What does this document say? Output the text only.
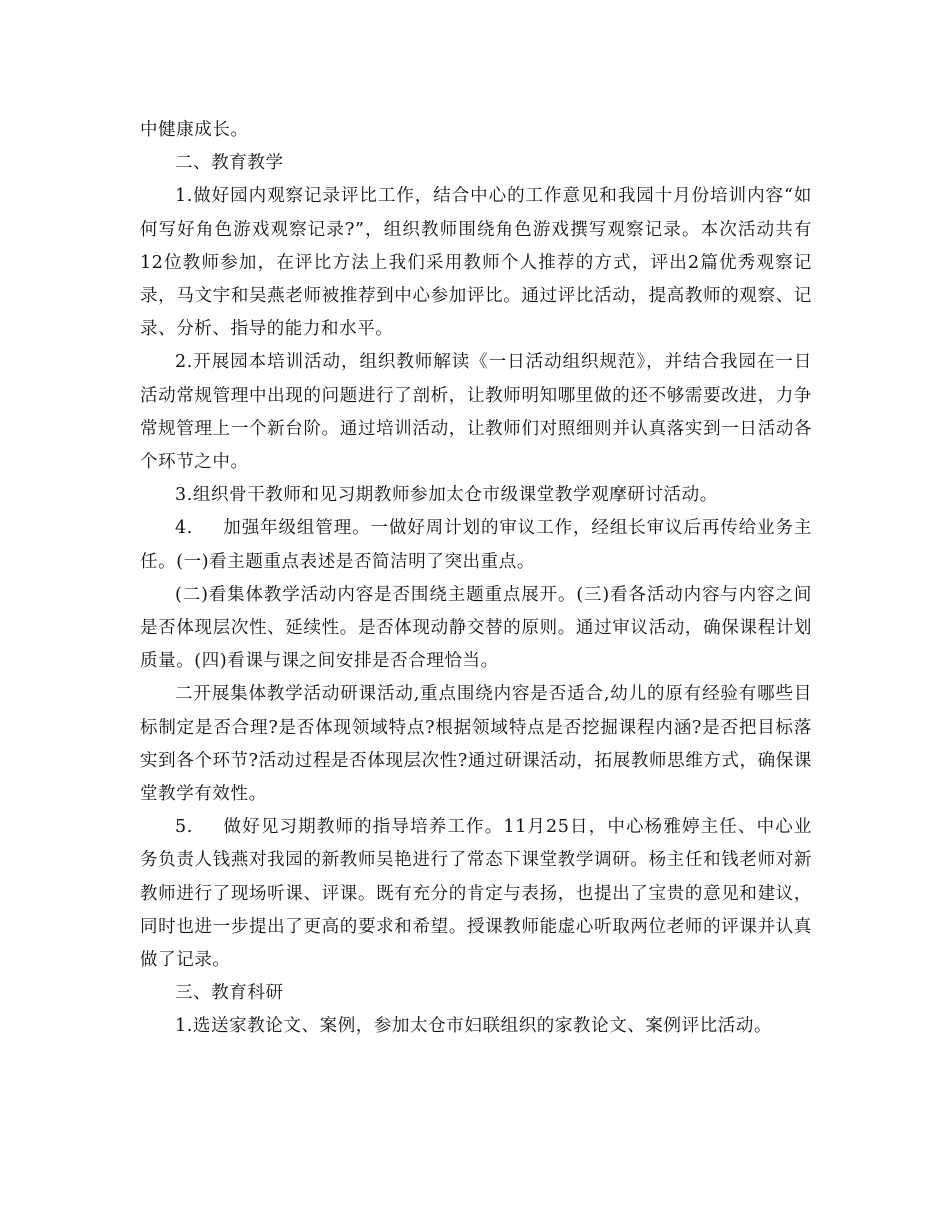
中健康成长。

二、教育教学

1.做好园内观察记录评比工作，结合中心的工作意见和我园十月份培训内容“如何写好角色游戏观察记录?”，组织教师围绕角色游戏撰写观察记录。本次活动共有12位教师参加，在评比方法上我们采用教师个人推荐的方式，评出2篇优秀观察记录，马文宇和吴燕老师被推荐到中心参加评比。通过评比活动，提高教师的观察、记录、分析、指导的能力和水平。

2.开展园本培训活动，组织教师解读《一日活动组织规范》，并结合我园在一日活动常规管理中出现的问题进行了剖析，让教师明知哪里做的还不够需要改进，力争常规管理上一个新台阶。通过培训活动，让教师们对照细则并认真落实到一日活动各个环节之中。

3.组织骨干教师和见习期教师参加太仓市级课堂教学观摩研讨活动。

4. 加强年级组管理。一做好周计划的审议工作，经组长审议后再传给业务主任。(一)看主题重点表述是否简洁明了突出重点。

(二)看集体教学活动内容是否围绕主题重点展开。(三)看各活动内容与内容之间是否体现层次性、延续性。是否体现动静交替的原则。通过审议活动，确保课程计划质量。(四)看课与课之间安排是否合理恰当。

二开展集体教学活动研课活动,重点围绕内容是否适合,幼儿的原有经验有哪些目标制定是否合理?是否体现领域特点?根据领域特点是否挖掘课程内涵?是否把目标落实到各个环节?活动过程是否体现层次性?通过研课活动，拓展教师思维方式，确保课堂教学有效性。

5. 做好见习期教师的指导培养工作。11月25日，中心杨雅婷主任、中心业务负责人钱燕对我园的新教师吴艳进行了常态下课堂教学调研。杨主任和钱老师对新教师进行了现场听课、评课。既有充分的肯定与表扬，也提出了宝贵的意见和建议，同时也进一步提出了更高的要求和希望。授课教师能虚心听取两位老师的评课并认真做了记录。

三、教育科研

1.选送家教论文、案例，参加太仓市妇联组织的家教论文、案例评比活动。
